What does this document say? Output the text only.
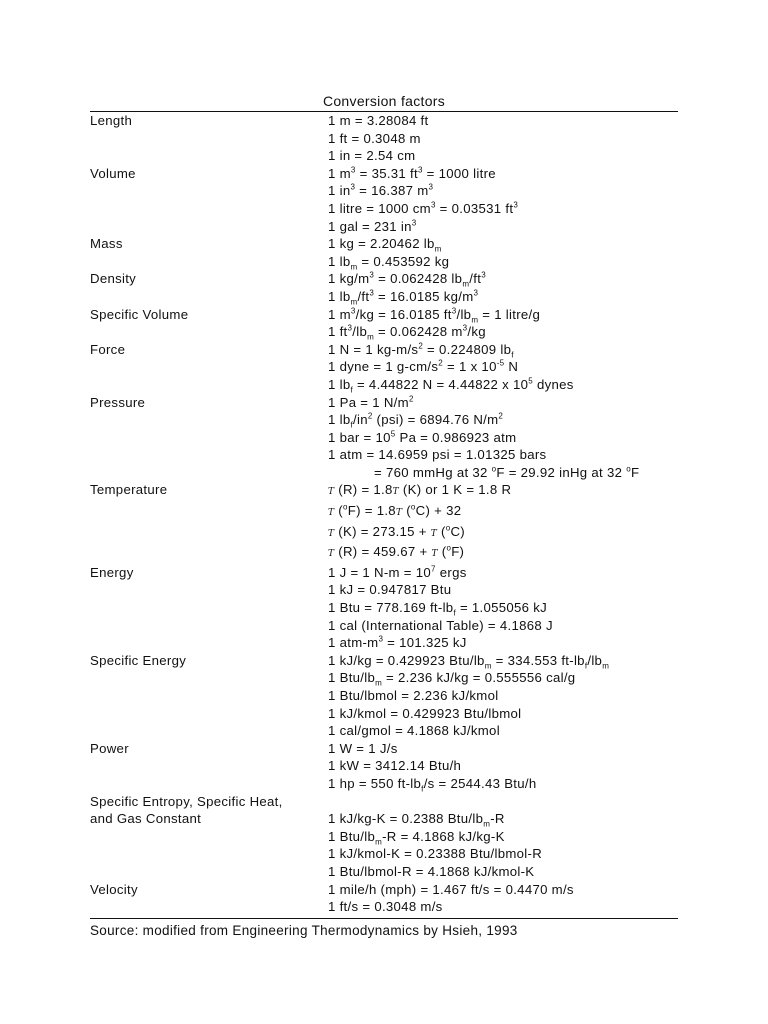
Conversion factors
Length	1 m = 3.28084 ft
	1 ft = 0.3048 m
	1 in = 2.54 cm
Volume	1 $m^3 = 35.31$ $ft^3 = 1000$ litre
	1 $in^3 = 16.387$ $m^3$
	1 litre = 1000 $cm^3 = 0.03531$ $ft^3$
	1 gal = 231 $in^3$
Mass	1 kg = 2.20462 $lb_m$
	1 $lb_m = 0.453592$ kg
Density	1 $kg/m^3 = 0.062428$ $lb_m/ft^3$
	1 $lb_m/ft^3 = 16.0185$ $kg/m^3$
Specific Volume	1 $m^3/kg = 16.0185$ $ft^3/lb_m = 1$ litre/g
	1 $ft^3/lb_m = 0.062428$ $m^3/kg$
Force	1 N = 1 $kg-m/s^2 = 0.224809$ $lb_f$
	1 dyne = 1 $g-cm/s^2 = 1$ x $10^{-5}$ N
	1 $lb_f = 4.44822$ N = 4.44822 x $10^5$ dynes
Pressure	1 Pa = 1 $N/m^2$
	1 $lb_f/in^2$ (psi) = 6894.76 $N/m^2$
	1 bar = $10^5$ Pa = 0.986923 atm
	1 atm = 14.6959 psi = 1.01325 bars
	= 760 mmHg at 32 $^o$F = 29.92 inHg at 32 $^o$F
Temperature	T (R) = 1.8T (K) or 1 K = 1.8 R
	T ($^o$F) = 1.8T ($^o$C) + 32
	T (K) = 273.15 + T ($^o$C)
	T (R) = 459.67 + T ($^o$F)
Energy	1 J = 1 $N-m = 10^7$ ergs
	1 kJ = 0.947817 Btu
	1 Btu = 778.169 $ft-lb_f = 1.055056$ kJ
	1 cal (International Table) = 4.1868 J
	1 atm-$m^3 = 101.325$ kJ
Specific Energy	1 kJ/kg = 0.429923 Btu/$lb_m = 334.553$ $ft-lb_f/lb_m$
	1 Btu/$lb_m = 2.236$ kJ/kg = 0.555556 cal/g
	1 Btu/lbmol = 2.236 kJ/kmol
	1 kJ/kmol = 0.429923 Btu/lbmol
	1 cal/gmol = 4.1868 kJ/kmol
Power	1 W = 1 J/s
	1 kW = 3412.14 Btu/h
	1 hp = 550 $ft-lb_f/s = 2544.43$ Btu/h
Specific Entropy, Specific Heat,	
and Gas Constant	1 kJ/kg-K = 0.2388 Btu/$lb_m-R$
	1 Btu/$lb_m-R = 4.1868$ kJ/kg-K
	1 kJ/kmol-K = 0.23388 Btu/lbmol-R
	1 Btu/lbmol-R = 4.1868 kJ/kmol-K
Velocity	1 mile/h (mph) = 1.467 ft/s = 0.4470 m/s
	1 ft/s = 0.3048 m/s
Source: modified from Engineering Thermodynamics by Hsieh, 1993
